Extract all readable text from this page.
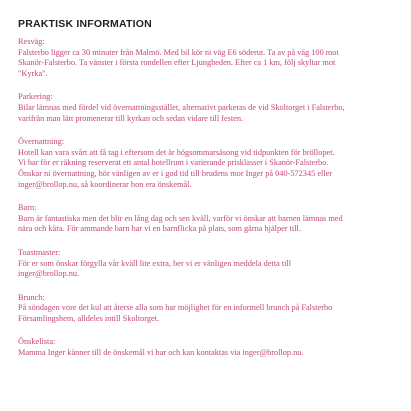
PRAKTISK INFORMATION

Resväg:

Falsterbo ligger ca 30 minuter från Malmö. Med bil kör ni väg E6 söderut. Ta av på väg 100 mot
Skanör-Falsterbo. Ta vänster i första rondellen efter Ljungheden. Efter ca 1 km, följ skyltar mot
"Kyrka".

Parkering:

Bilar lämnas med fördel vid övernattningsstället, alternativt parkeras de vid Skoltorget i Falsterbo,
varifrån man lätt promenerar till kyrkan och sedan vidare till festen.

Övernattning:

Hotell kan vara svårt att få tag i eftersom det är högsommarsäsong vid tidpunkten för bröllopet.
Vi har för er räkning reserverat ett antal hotellrum i varierande prisklasser i Skanör-Falsterbo.
Önskar ni övernattning, hör vänligen av er i god tid till brudens mor Inger på 040-572345 eller
inger@brollop.nu, så koordinerar hon era önskemål.

Barn:

Barn är fantastiska men det blir en lång dag och sen kväll, varför vi önskar att barnen lämnas med
nära och kära. För ammande barn har vi en barnflicka på plats, som gärna hjälper till.

Toastmaster:

För er som önskar förgylla vår kväll lite extra, ber vi er vänligen meddela detta till
inger@brollop.nu.

Brunch:

På söndagen vore det kul att återse alla som har möjlighet för en informell brunch på Falsterbo
Församlingshem, alldeles intill Skoltorget.

Önskelista:

Mamma Inger känner till de önskemål vi har och kan kontaktas via inger@brollop.nu.
